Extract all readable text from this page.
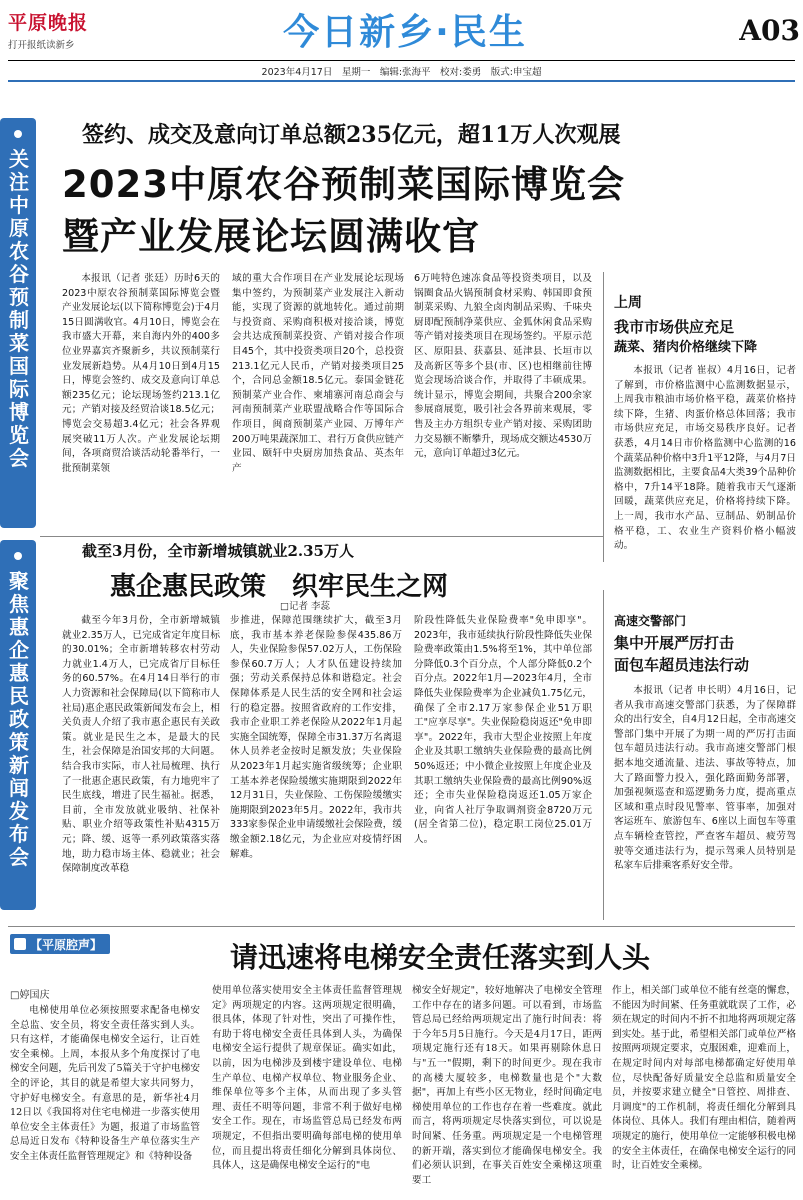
平原晚报
打开报纸读新乡	今日新乡·民生	A03
2023年4月17日　星期一　编辑:张海平　校对:娄勇　版式:申宝超
关注中原农谷预制菜国际博览会
签约、成交及意向订单总额235亿元，超11万人次观展
2023中原农谷预制菜国际博览会
暨产业发展论坛圆满收官

本报讯（记者 张廷）历时6天的2023中原农谷预制菜国际博览会暨产业发展论坛(以下简称博览会)于4月15日圆满收官。4月10日，博览会在我市盛大开幕，来自海内外的400多位业界嘉宾齐聚新乡，共议预制菜行业发展新趋势。从4月10日到4月15日，博览会签约、成交及意向订单总额235亿元；论坛现场签约213.1亿元；产销对接及经贸洽谈18.5亿元；博览会交易超3.4亿元；社会各界观展突破11万人次。产业发展论坛期间，各项商贸洽谈活动轮番举行，一批预制菜领

域的重大合作项目在产业发展论坛现场集中签约，为预制菜产业发展注入新动能，实现了资源的就地转化。通过前期与投资商、采购商积极对接洽谈，博览会共达成预制菜投资、产销对接合作项目45个，其中投资类项目20个，总投资213.1亿元人民币，产销对接类项目25个，合同总金额18.5亿元。泰国金链花预制菜产业合作、柬埔寨河南总商会与河南预制菜产业联盟战略合作等国际合作项目，闽商预制菜产业园、万博年产200万吨果蔬深加工、君行万食供应链产业园、颐轩中央厨房加热食品、英杰年产

6万吨特色速冻食品等投资类项目，以及锅圈食品火锅预制食材采购、韩国即食预制菜采购、九狼全卤肉制品采购、千味央厨即配预制净菜供应、金狐休闲食品采购等产销对接类项目在现场签约。平原示范区、原阳县、获嘉县、延津县、长垣市以及高新区等多个县(市、区)也相继前往博览会现场洽谈合作，并取得了丰硕成果。统计显示，博览会期间，共聚合200余家参展商展览，吸引社会各界前来观展，零售及主办方组织专业产销对接、采购团助力交易额不断攀升，现场成交额达4530万元，意向订单超过3亿元。

上周
我市市场供应充足
蔬菜、猪肉价格继续下降

本报讯（记者 崔叔）4月16日，记者了解到，市价格监测中心监测数据显示，上周我市粮油市场价格平稳，蔬菜价格持续下降，生猪、肉蛋价格总体回落；我市市场供应充足，市场交易秩序良好。记者获悉，4月14日市价格监测中心监测的16个蔬菜品种价格中3升1平12降，与4月7日监测数据相比，主要食品4大类39个品种价格中，7升14平18降。随着我市天气逐渐回暖，蔬菜供应充足，价格将持续下降。上一周，我市水产品、豆制品、奶制品价格平稳，工、农业生产资料价格小幅波动。

聚焦惠企惠民政策新闻发布会
截至3月份，全市新增城镇就业2.35万人
惠企惠民政策　织牢民生之网
□记者 李蕊

截至今年3月份，全市新增城镇就业2.35万人，已完成省定年度目标的30.01%；全市新增转移农村劳动力就业1.4万人，已完成省厅目标任务的60.57%。在4月14日举行的市人力资源和社会保障局(以下简称市人社局)惠企惠民政策新闻发布会上，相关负责人介绍了我市惠企惠民有关政策。就业是民生之本，是最大的民生，社会保障是治国安邦的大问题。结合我市实际，市人社局梳理、执行了一批惠企惠民政策，有力地兜牢了民生底线，增进了民生福祉。据悉，目前，全市发放就业吸纳、社保补贴、职业介绍等政策性补贴4315万元；降、缓、返等一系列政策落实落地，助力稳市场主体、稳就业；社会保障制度改革稳

步推进，保障范围继续扩大，截至3月底，我市基本养老保险参保435.86万人，失业保险参保57.02万人，工伤保险参保60.7万人；人才队伍建设持续加强；劳动关系保持总体和谐稳定。社会保障体系是人民生活的安全网和社会运行的稳定器。按照省政府的工作安排，我市企业职工养老保险从2022年1月起实施全国统筹，保障全市31.37万名离退休人员养老金按时足额发放；失业保险从2023年1月起实施省级统筹；企业职工基本养老保险缓缴实施期限到2022年12月31日，失业保险、工伤保险缓缴实施期限到2023年5月。2022年，我市共333家参保企业申请缓缴社会保险费，缓缴金额2.18亿元，为企业应对疫情纾困解难。

阶段性降低失业保险费率"免申即享"。2023年，我市延续执行阶段性降低失业保险费率政策由1.5%将至1%，其中单位部分降低0.3个百分点，个人部分降低0.2个百分点。2022年1月—2023年4月，全市降低失业保险费率为企业减负1.75亿元，确保了全市2.17万家参保企业51万职工"应享尽享"。失业保险稳岗返还"免申即享"。2022年，我市大型企业按照上年度企业及其职工缴纳失业保险费的最高比例50%返还；中小微企业按照上年度企业及其职工缴纳失业保险费的最高比例90%返还；全市失业保险稳岗返还1.05万家企业，向省人社厅争取调剂资金8720万元(居全省第二位)，稳定职工岗位25.01万人。

高速交警部门
集中开展严厉打击
面包车超员违法行动

本报讯（记者 申长明）4月16日，记者从我市高速交警部门获悉，为了保障群众的出行安全，自4月12日起，全市高速交警部门集中开展了为期一周的严厉打击面包车超员违法行动。我市高速交警部门根据本地交通流量、违法、事故等特点，加大了路面警力投入，强化路面勤务部署，加强视频巡查和巡逻勤务力度，提高重点区域和重点时段见警率、管事率，加强对客运班车、旅游包车、6座以上面包车等重点车辆检查管控，严查客车超员、疲劳驾驶等交通违法行为，提示驾乘人员特别是私家车后排乘客系好安全带。

【平原腔声】	请迅速将电梯安全责任落实到人头
□婷国庆

电梯使用单位必须按照要求配备电梯安全总监、安全员，将安全责任落实到人头。只有这样，才能确保电梯安全运行，让百姓安全乘梯。上周，本报从多个角度探讨了电梯安全问题，先后刊发了5篇关于守护电梯安全的评论，其目的就是希望大家共同努力，守护好电梯安全。有意思的是，新华社4月12日以《我国将对住宅电梯进一步落实使用单位安全主体责任》为题，报道了市场监管总局近日发布《特种设备生产单位落实生产安全主体责任监督管理规定》和《特种设备

使用单位落实使用安全主体责任监督管理规定》两项规定的内容。这两项规定很明确，很具体，体现了针对性，突出了可操作性，有助于将电梯安全责任具体到人头，为确保电梯安全运行提供了规章保证。确实如此，以前，因为电梯涉及到楼宇建设单位、电梯生产单位、电梯产权单位、物业服务企业、维保单位等多个主体，从而出现了多头管理、责任不明等问题，非常不利于做好电梯安全工作。现在，市场监管总局已经发布两项规定，不但指出要明确每部电梯的使用单位，而且提出将责任细化分解到具体岗位、具体人，这是确保电梯安全运行的"电

梯安全好规定"，较好地解决了电梯安全管理工作中存在的诸多问题。可以看到，市场监管总局已经给两项规定出了施行时间表：将于今年5月5日施行。今天是4月17日，距两项规定施行还有18天。如果再剔除休息日与"五一"假期，剩下的时间更少。现在我市的高楼大厦较多，电梯数量也是个"大数据"，再加上有些小区无物业，经时间确定电梯使用单位的工作也存在着一些难度。就此而言，将两项规定尽快落实到位，可以说是时间紧、任务重。两项规定是一个电梯管理的新开端，落实到位才能确保电梯安全。我们必须认识到，在事关百姓安全乘梯这项重要工

作上，相关部门或单位不能有丝毫的懈怠，不能因为时间紧、任务重就耽误了工作，必须在规定的时间内不折不扣地将两项规定落到实处。基于此，希望相关部门或单位严格按照两项规定要求，克服困难，迎难而上，在规定时间内对每部电梯都确定好使用单位，尽快配备好质量安全总监和质量安全员，并按要求建立健全"日管控、周排查、月调度"的工作机制，将责任细化分解到具体岗位、具体人。我们有理由相信，随着两项规定的施行，使用单位一定能够积极电梯的安全主体责任，在确保电梯安全运行的同时，让百姓安全乘梯。
